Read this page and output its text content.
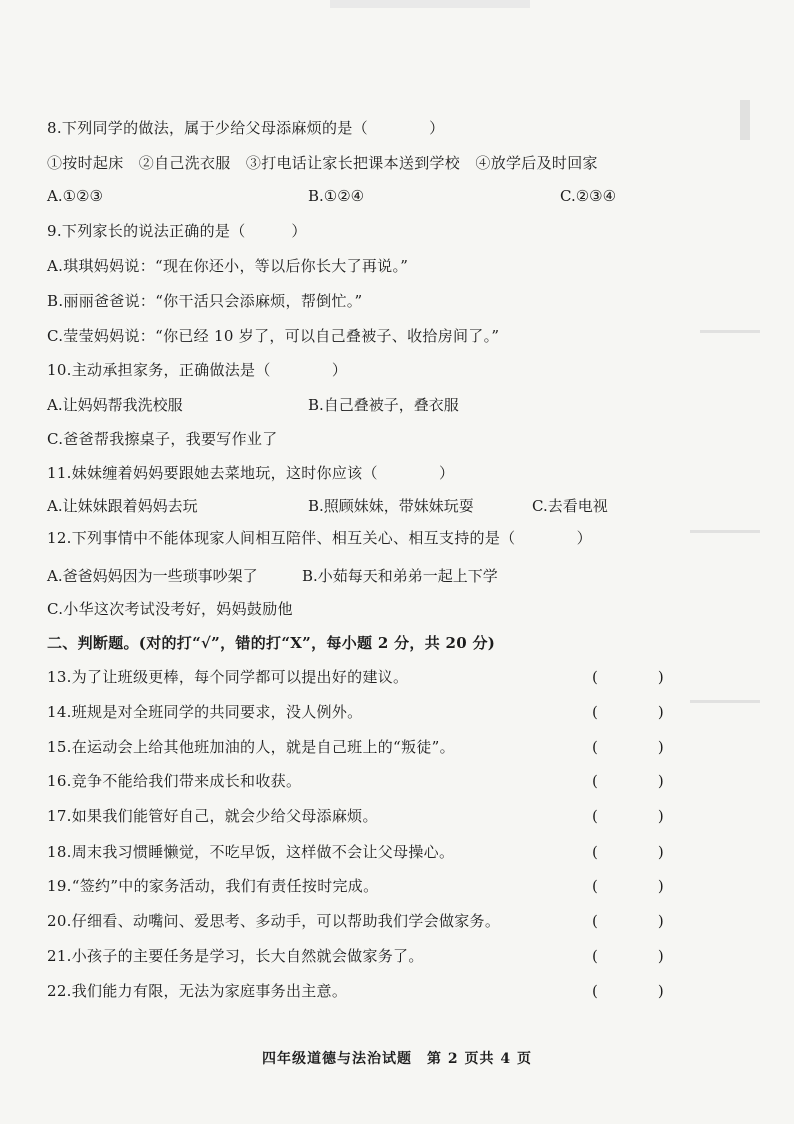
8.下列同学的做法，属于少给父母添麻烦的是（　　　　）
①按时起床　②自己洗衣服　③打电话让家长把课本送到学校　④放学后及时回家
A.①②③	B.①②④	C.②③④
9.下列家长的说法正确的是（　　　）
A.琪琪妈妈说：“现在你还小，等以后你长大了再说。”
B.丽丽爸爸说：“你干活只会添麻烦，帮倒忙。”
C.莹莹妈妈说：“你已经 10 岁了，可以自己叠被子、收拾房间了。”
10.主动承担家务，正确做法是（　　　　）
A.让妈妈帮我洗校服	B.自己叠被子，叠衣服
C.爸爸帮我擦桌子，我要写作业了
11.妹妹缠着妈妈要跟她去菜地玩，这时你应该（　　　　）
A.让妹妹跟着妈妈去玩	B.照顾妹妹，带妹妹玩耍	C.去看电视
12.下列事情中不能体现家人间相互陪伴、相互关心、相互支持的是（　　　　）
A.爸爸妈妈因为一些琐事吵架了	B.小茹每天和弟弟一起上下学
C.小华这次考试没考好，妈妈鼓励他
二、判断题。(对的打“√”，错的打“X”，每小题 2 分，共 20 分)
13.为了让班级更棒，每个同学都可以提出好的建议。	(　　　　)
14.班规是对全班同学的共同要求，没人例外。	(　　　　)
15.在运动会上给其他班加油的人，就是自己班上的“叛徒”。	(　　　　)
16.竞争不能给我们带来成长和收获。	(　　　　)
17.如果我们能管好自己，就会少给父母添麻烦。	(　　　　)
18.周末我习惯睡懒觉，不吃早饭，这样做不会让父母操心。	(　　　　)
19.“签约”中的家务活动，我们有责任按时完成。	(　　　　)
20.仔细看、动嘴问、爱思考、多动手，可以帮助我们学会做家务。	(　　　　)
21.小孩子的主要任务是学习，长大自然就会做家务了。	(　　　　)
22.我们能力有限，无法为家庭事务出主意。	(　　　　)
四年级道德与法治试题　第 2 页共 4 页
